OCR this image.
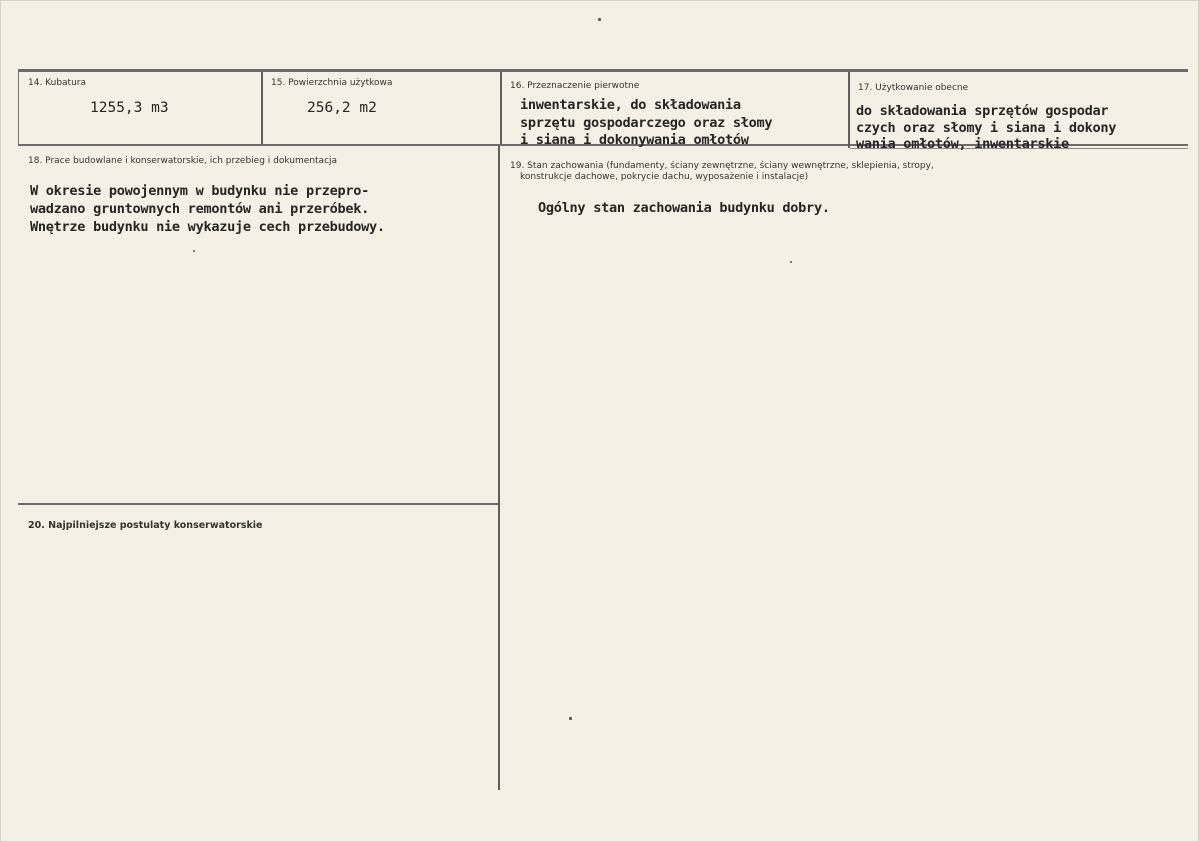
14. Kubatura
1255,3 m3
15. Powierzchnia użytkowa
256,2 m2
16. Przeznaczenie pierwotne
inwentarskie, do składowania
sprzętu gospodarczego oraz słomy
i siana i dokonywania omłotów
17. Użytkowanie obecne
do składowania sprzętów gospodar
czych oraz słomy i siana i dokony
wania omłotów, inwentarskie
18. Prace budowlane i konserwatorskie, ich przebieg i dokumentacja
W okresie powojennym w budynku nie przepro-
wadzano gruntownych remontów ani przeróbek.
Wnętrze budynku nie wykazuje cech przebudowy.
19. Stan zachowania (fundamenty, ściany zewnętrzne, ściany wewnętrzne, sklepienia, stropy,
konstrukcje dachowe, pokrycie dachu, wyposażenie i instalacje)
Ogólny stan zachowania budynku dobry.
20. Najpilniejsze postulaty konserwatorskie
